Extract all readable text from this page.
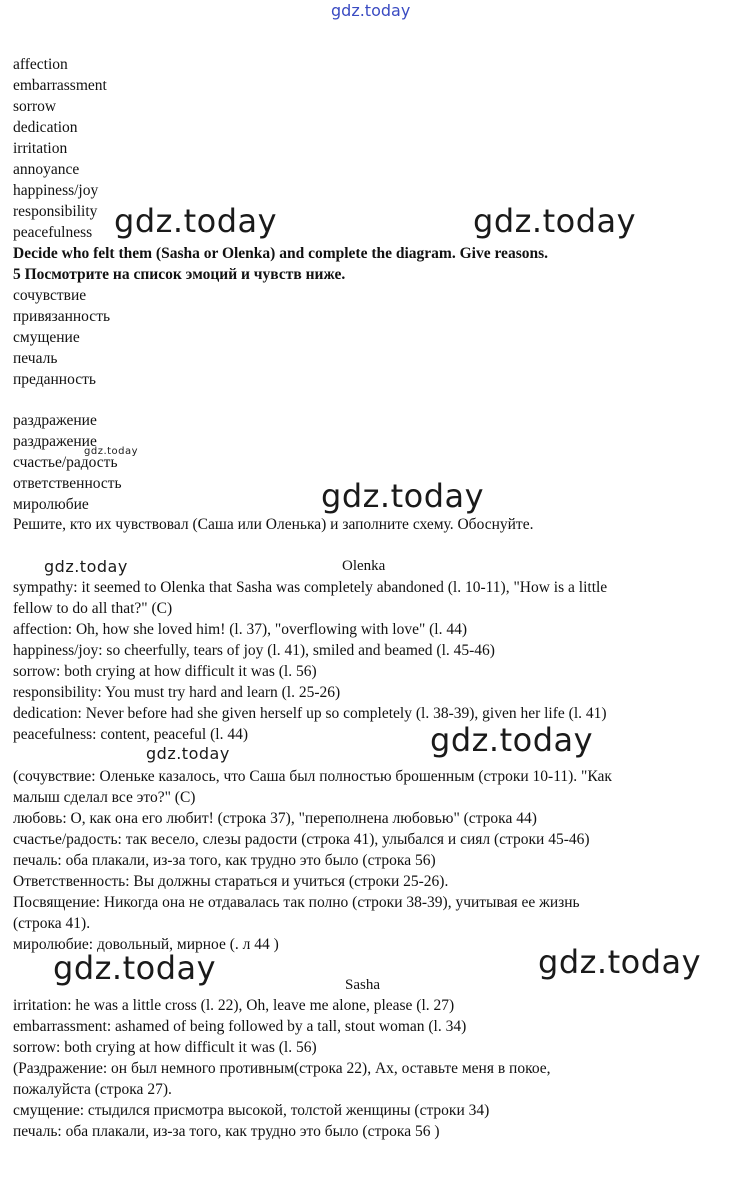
gdz.today
affection
embarrassment
sorrow
dedication
irritation
annoyance
happiness/joy
responsibility
peacefulness
Decide who felt them (Sasha or Olenka) and complete the diagram. Give reasons.
5 Посмотрите на список эмоций и чувств ниже.
сочувствие
привязанность
смущение
печаль
преданность
раздражение
раздражение
счастье/радость
ответственность
миролюбие
Решите, кто их чувствовал (Саша или Оленька) и заполните схему. Обоснуйте.
Olenka
sympathy: it seemed to Olenka that Sasha was completely abandoned (l. 10-11), "How is a little
fellow to do all that?" (C)
affection: Oh, how she loved him! (l. 37), "overflowing with love" (l. 44)
happiness/joy: so cheerfully, tears of joy (l. 41), smiled and beamed (l. 45-46)
sorrow: both crying at how difficult it was (l. 56)
responsibility: You must try hard and learn (l. 25-26)
dedication: Never before had she given herself up so completely (l. 38-39), given her life (l. 41)
peacefulness: content, peaceful (l. 44)
(сочувствие: Оленьке казалось, что Саша был полностью брошенным (строки 10-11). "Как
малыш сделал все это?" (С)
любовь: О, как она его любит! (строка 37), "переполнена любовью" (строка 44)
счастье/радость: так весело, слезы радости (строка 41), улыбался и сиял (строки 45-46)
печаль: оба плакали, из-за того, как трудно это было (строка 56)
Ответственность: Вы должны стараться и учиться (строки 25-26).
Посвящение: Никогда она не отдавалась так полно (строки 38-39), учитывая ее жизнь
(строка 41).
миролюбие: довольный, мирное (. л 44 )
Sasha
irritation: he was a little cross (l. 22), Oh, leave me alone, please (l. 27)
embarrassment: ashamed of being followed by a tall, stout woman (l. 34)
sorrow: both crying at how difficult it was (l. 56)
(Раздражение: он был немного противным(строка 22), Ах, оставьте меня в покое,
пожалуйста (строка 27).
смущение: стыдился присмотра высокой, толстой женщины (строки 34)
печаль: оба плакали, из-за того, как трудно это было (строка 56 )
gdz.today	gdz.today
gdz.today
gdz.today
gdz.today
gdz.today	gdz.today
gdz.today	gdz.today
